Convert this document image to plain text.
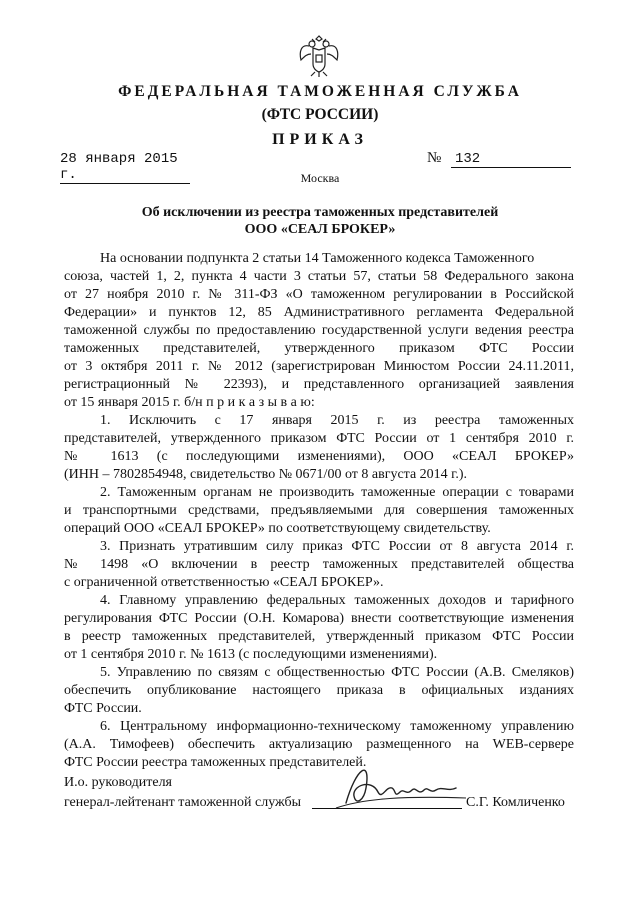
ФЕДЕРАЛЬНАЯ ТАМОЖЕННАЯ СЛУЖБА
(ФТС РОССИИ)
ПРИКАЗ
28 января 2015 г.
№ 132
Москва
Об исключении из реестра таможенных представителей
ООО «СЕАЛ БРОКЕР»
На основании подпункта 2 статьи 14 Таможенного кодекса Таможенного
союза, частей 1, 2, пункта 4 части 3 статьи 57, статьи 58 Федерального закона
от 27 ноября 2010 г. № 311-ФЗ «О таможенном регулировании в Российской
Федерации» и пунктов 12, 85 Административного регламента Федеральной
таможенной службы по предоставлению государственной услуги ведения реестра
таможенных представителей, утвержденного приказом ФТС России
от 3 октября 2011 г. № 2012 (зарегистрирован Минюстом России 24.11.2011,
регистрационный № 22393), и представленного организацией заявления
от 15 января 2015 г. б/н п р и к а з ы в а ю:
1. Исключить с 17 января 2015 г. из реестра таможенных
представителей, утвержденного приказом ФТС России от 1 сентября 2010 г.
№ 1613 (с последующими изменениями), ООО «СЕАЛ БРОКЕР»
(ИНН – 7802854948, свидетельство № 0671/00 от 8 августа 2014 г.).
2. Таможенным органам не производить таможенные операции с товарами
и транспортными средствами, предъявляемыми для совершения таможенных
операций ООО «СЕАЛ БРОКЕР» по соответствующему свидетельству.
3. Признать утратившим силу приказ ФТС России от 8 августа 2014 г.
№ 1498 «О включении в реестр таможенных представителей общества
с ограниченной ответственностью «СЕАЛ БРОКЕР».
4. Главному управлению федеральных таможенных доходов и тарифного
регулирования ФТС России (О.Н. Комарова) внести соответствующие изменения
в реестр таможенных представителей, утвержденный приказом ФТС России
от 1 сентября 2010 г. № 1613 (с последующими изменениями).
5. Управлению по связям с общественностью ФТС России (А.В. Смеляков)
обеспечить опубликование настоящего приказа в официальных изданиях
ФТС России.
6. Центральному информационно-техническому таможенному управлению
(А.А. Тимофеев) обеспечить актуализацию размещенного на WEB-сервере
ФТС России реестра таможенных представителей.
И.о. руководителя
генерал-лейтенант таможенной службы	С.Г. Комличенко
